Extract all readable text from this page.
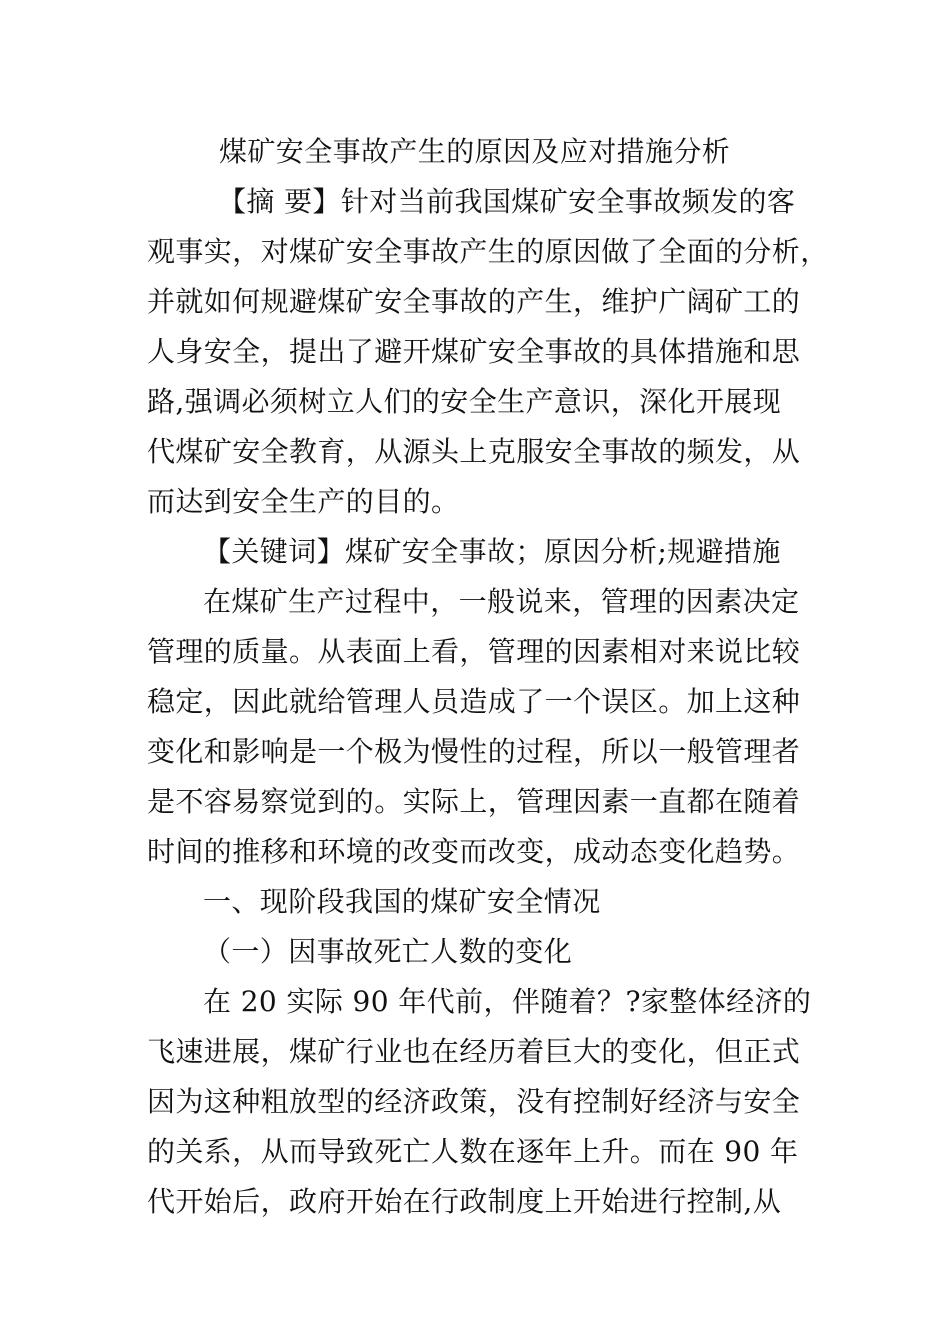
煤矿安全事故产生的原因及应对措施分析
【摘 要】针对当前我国煤矿安全事故频发的客
观事实，对煤矿安全事故产生的原因做了全面的分析，
并就如何规避煤矿安全事故的产生，维护广阔矿工的
人身安全，提出了避开煤矿安全事故的具体措施和思
路,强调必须树立人们的安全生产意识，深化开展现
代煤矿安全教育，从源头上克服安全事故的频发，从
而达到安全生产的目的。
【关键词】煤矿安全事故；原因分析;规避措施
在煤矿生产过程中，一般说来，管理的因素决定
管理的质量。从表面上看，管理的因素相对来说比较
稳定，因此就给管理人员造成了一个误区。加上这种
变化和影响是一个极为慢性的过程，所以一般管理者
是不容易察觉到的。实际上，管理因素一直都在随着
时间的推移和环境的改变而改变，成动态变化趋势。
一、现阶段我国的煤矿安全情况
（一）因事故死亡人数的变化
在 20 实际 90 年代前，伴随着？?家整体经济的
飞速进展，煤矿行业也在经历着巨大的变化，但正式
因为这种粗放型的经济政策，没有控制好经济与安全
的关系，从而导致死亡人数在逐年上升。而在 90 年
代开始后，政府开始在行政制度上开始进行控制,从
